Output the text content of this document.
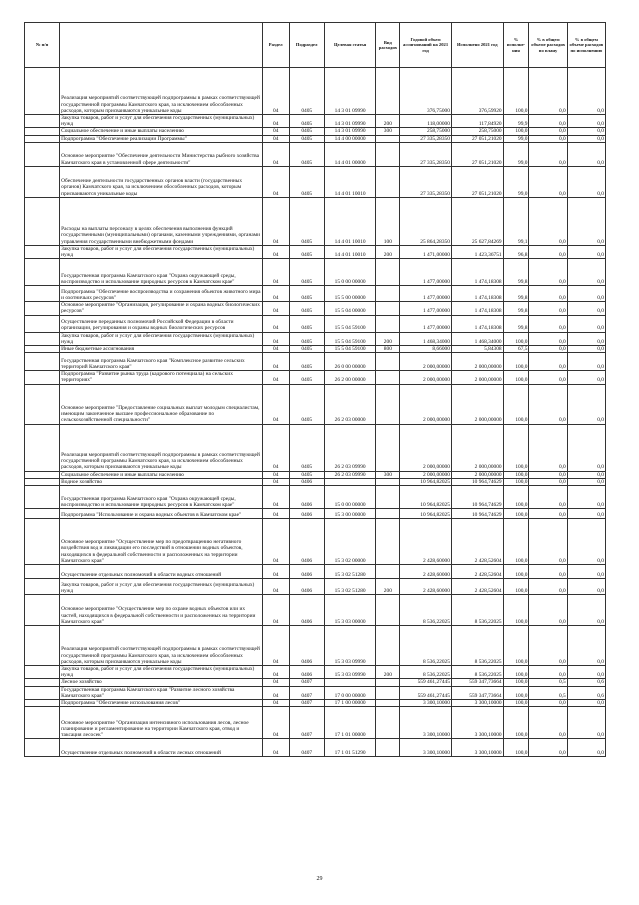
№ п/п		Раздел	Подраздел	Целевая статья	Вид расходов	Годовой объем ассигнований на 2021 год	Исполнено 2021 год	% исполне-ния	% в общем объеме расходов по плану	% в общем объеме расходов по исполнению
	Реализация мероприятий соответствующей подпрограммы в рамках соответствующей государственной программы Камчатского края, за исключением обособленных расходов, которым присваиваются уникальные коды	04	0405	14 3 01 09990		376,75000	376,59920	100,0	0,0	0,0
	Закупка товаров, работ и услуг для обеспечения государственных (муниципальных) нужд	04	0405	14 3 01 09990	200	118,00000	117,84920	99,9	0,0	0,0
	Социальное обеспечение и иные выплаты населению	04	0405	14 3 01 09990	300	258,75000	258,75000	100,0	0,0	0,0
	Подпрограмма "Обеспечение реализации Программы"	04	0405	14 4 00 00000		27 335,28350	27 051,21020	99,0	0,0	0,0
	Основное мероприятие "Обеспечение деятельности Министерства рыбного хозяйства Камчатского края в установленной сфере деятельности"	04	0405	14 4 01 00000		27 335,28350	27 051,21020	99,0	0,0	0,0
	Обеспечение деятельности государственных органов власти (государственных органов) Камчатского края, за исключением обособленных расходов, которым присваиваются уникальные коды	04	0405	14 4 01 10010		27 335,28350	27 051,21020	99,0	0,0	0,0
	Расходы на выплаты персоналу в целях обеспечения выполнения функций государственными (муниципальными) органами, казенными учреждениями, органами управления государственными внебюджетными фондами	04	0405	14 4 01 10010	100	25 864,28350	25 627,84269	99,1	0,0	0,0
	Закупка товаров, работ и услуг для обеспечения государственных (муниципальных) нужд	04	0405	14 4 01 10010	200	1 471,00000	1 423,36751	96,8	0,0	0,0
	Государственная программа Камчатского края "Охрана окружающей среды, воспроизводство и использование природных ресурсов в Камчатском крае"	04	0405	15 0 00 00000		1 477,00000	1 474,18308	99,8	0,0	0,0
	Подпрограмма "Обеспечение воспроизводства и сохранения объектов животного мира и охотничьих ресурсов"	04	0405	15 5 00 00000		1 477,00000	1 474,18308	99,8	0,0	0,0
	Основное мероприятие "Организация, регулирование и охрана водных биологических ресурсов"	04	0405	15 5 04 00000		1 477,00000	1 474,18308	99,8	0,0	0,0
	Осуществление переданных полномочий Российской Федерации в области организации, регулирования и охраны водных биологических ресурсов	04	0405	15 5 04 59100		1 477,00000	1 474,18308	99,8	0,0	0,0
	Закупка товаров, работ и услуг для обеспечения государственных (муниципальных) нужд	04	0405	15 5 04 59100	200	1 468,34000	1 468,34000	100,0	0,0	0,0
	Иные бюджетные ассигнования	04	0405	15 5 04 59100	800	8,66000	5,84308	67,5	0,0	0,0
	Государственная программа Камчатского края "Комплексное развитие сельских территорий Камчатского края"	04	0405	26 0 00 00000		2 000,00000	2 000,00000	100,0	0,0	0,0
	Подпрограмма "Развитие рынка труда (кадрового потенциала) на сельских территориях"	04	0405	26 2 00 00000		2 000,00000	2 000,00000	100,0	0,0	0,0
	Основное мероприятие "Предоставление социальных выплат молодым специалистам, имеющим законченное высшее профессиональное образование по сельскохозяйственной специальности"	04	0405	26 2 03 00000		2 000,00000	2 000,00000	100,0	0,0	0,0
	Реализация мероприятий соответствующей подпрограммы в рамках соответствующей государственной программы Камчатского края, за исключением обособленных расходов, которым присваиваются уникальные коды	04	0405	26 2 03 09990		2 000,00000	2 000,00000	100,0	0,0	0,0
	Социальное обеспечение и иные выплаты населению	04	0405	26 2 03 09990	300	2 000,00000	2 000,00000	100,0	0,0	0,0
	Водное хозяйство	04	0406			10 964,82025	10 964,74629	100,0	0,0	0,0
	Государственная программа Камчатского края "Охрана окружающей среды, воспроизводство и использование природных ресурсов в Камчатском крае"	04	0406	15 0 00 00000		10 964,82025	10 964,74629	100,0	0,0	0,0
	Подпрограмма "Использование и охрана водных объектов в Камчатском крае"	04	0406	15 3 00 00000		10 964,82025	10 964,74629	100,0	0,0	0,0
	Основное мероприятие "Осуществление мер по предотвращению негативного воздействия вод и ликвидации его последствий в отношении водных объектов, находящихся в федеральной собственности и расположенных на территории Камчатского края"	04	0406	15 3 02 00000		2 428,60000	2 428,52604	100,0	0,0	0,0
	Осуществление отдельных полномочий в области водных отношений	04	0406	15 3 02 51280		2 428,60000	2 428,52604	100,0	0,0	0,0
	Закупка товаров, работ и услуг для обеспечения государственных (муниципальных) нужд	04	0406	15 3 02 51280	200	2 428,60000	2 428,52604	100,0	0,0	0,0
	Основное мероприятие "Осуществление мер по охране водных объектов или их частей, находящихся в федеральной собственности и расположенных на территории Камчатского края"	04	0406	15 3 03 00000		8 536,22025	8 536,22025	100,0	0,0	0,0
	Реализация мероприятий соответствующей подпрограммы в рамках соответствующей государственной программы Камчатского края, за исключением обособленных расходов, которым присваиваются уникальные коды	04	0406	15 3 03 09990		8 536,22025	8 536,22025	100,0	0,0	0,0
	Закупка товаров, работ и услуг для обеспечения государственных (муниципальных) нужд	04	0406	15 3 03 09990	200	8 536,22025	8 536,22025	100,0	0,0	0,0
	Лесное хозяйство	04	0407			559 461,27445	559 347,73664	100,0	0,5	0,6
	Государственная программа Камчатского края "Развитие лесного хозяйства Камчатского края"	04	0407	17 0 00 00000		559 461,27445	559 347,73664	100,0	0,5	0,6
	Подпрограмма "Обеспечение использования лесов"	04	0407	17 1 00 00000		3 300,10000	3 300,10000	100,0	0,0	0,0
	Основное мероприятие "Организация интенсивного использования лесов, лесное планирование и регламентирование на территории Камчатского края, отвод и таксация лесосек"	04	0407	17 1 01 00000		3 300,10000	3 300,10000	100,0	0,0	0,0
	Осуществление отдельных полномочий в области лесных отношений	04	0407	17 1 01 51290		3 300,10000	3 300,10000	100,0	0,0	0,0
29
